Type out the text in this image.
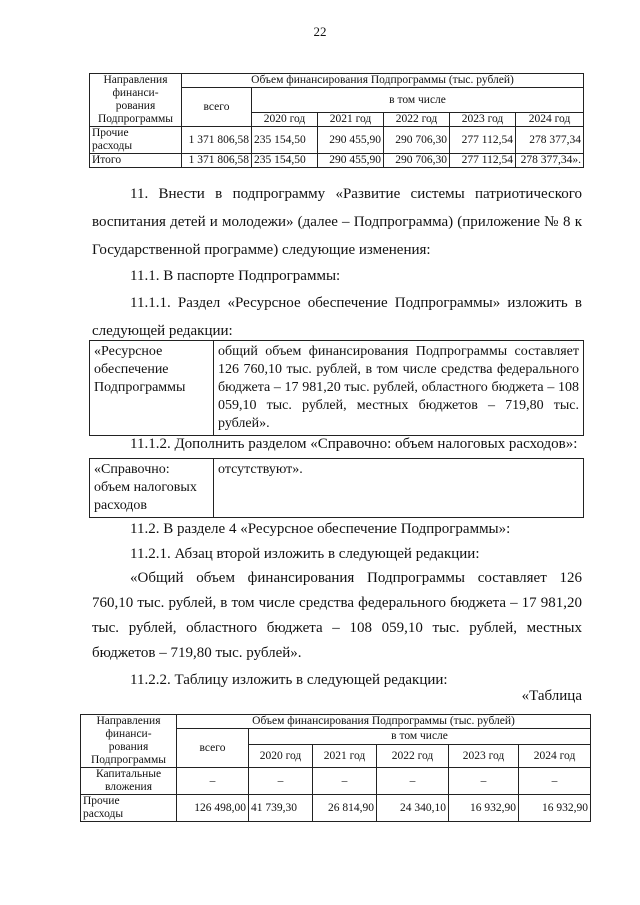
22
Направления
финанси-
рования
Подпрограммы	Объем финансирования Подпрограммы (тыс. рублей)					
	всего	в том числе				
		2020 год	2021 год	2022 год	2023 год	2024 год

Прочие
расходы	1 371 806,58	235 154,50	290 455,90	290 706,30	277 112,54	278 377,34
Итого	1 371 806,58	235 154,50	290 455,90	290 706,30	277 112,54	278 377,34».
11. Внести в подпрограмму «Развитие системы патриотического воспитания детей и молодежи» (далее – Подпрограмма) (приложение № 8 к Государственной программе) следующие изменения:
11.1. В паспорте Подпрограммы:
11.1.1. Раздел «Ресурсное обеспечение Подпрограммы» изложить в следующей редакции:
«Ресурсное обеспечение Подпрограммы	общий объем финансирования Подпрограммы составляет 126 760,10 тыс. рублей, в том числе средства федерального бюджета – 17 981,20 тыс. рублей, областного бюджета – 108 059,10 тыс. рублей, местных бюджетов – 719,80 тыс. рублей».
11.1.2. Дополнить разделом «Справочно: объем налоговых расходов»:
«Справочно: объем налоговых расходов	отсутствуют».
11.2. В разделе 4 «Ресурсное обеспечение Подпрограммы»:
11.2.1. Абзац второй изложить в следующей редакции:
«Общий объем финансирования Подпрограммы составляет 126 760,10 тыс. рублей, в том числе средства федерального бюджета – 17 981,20 тыс. рублей, областного бюджета – 108 059,10 тыс. рублей, местных бюджетов – 719,80 тыс. рублей».
11.2.2. Таблицу изложить в следующей редакции:
«Таблица
Направления
финанси-
рования
Подпрограммы	Объем финансирования Подпрограммы (тыс. рублей)					
	всего	в том числе				
		2020 год	2021 год	2022 год	2023 год	2024 год

Капитальные
вложения	–	–	–	–	–	–

Прочие
расходы	126 498,00	41 739,30	26 814,90	24 340,10	16 932,90	16 932,90
